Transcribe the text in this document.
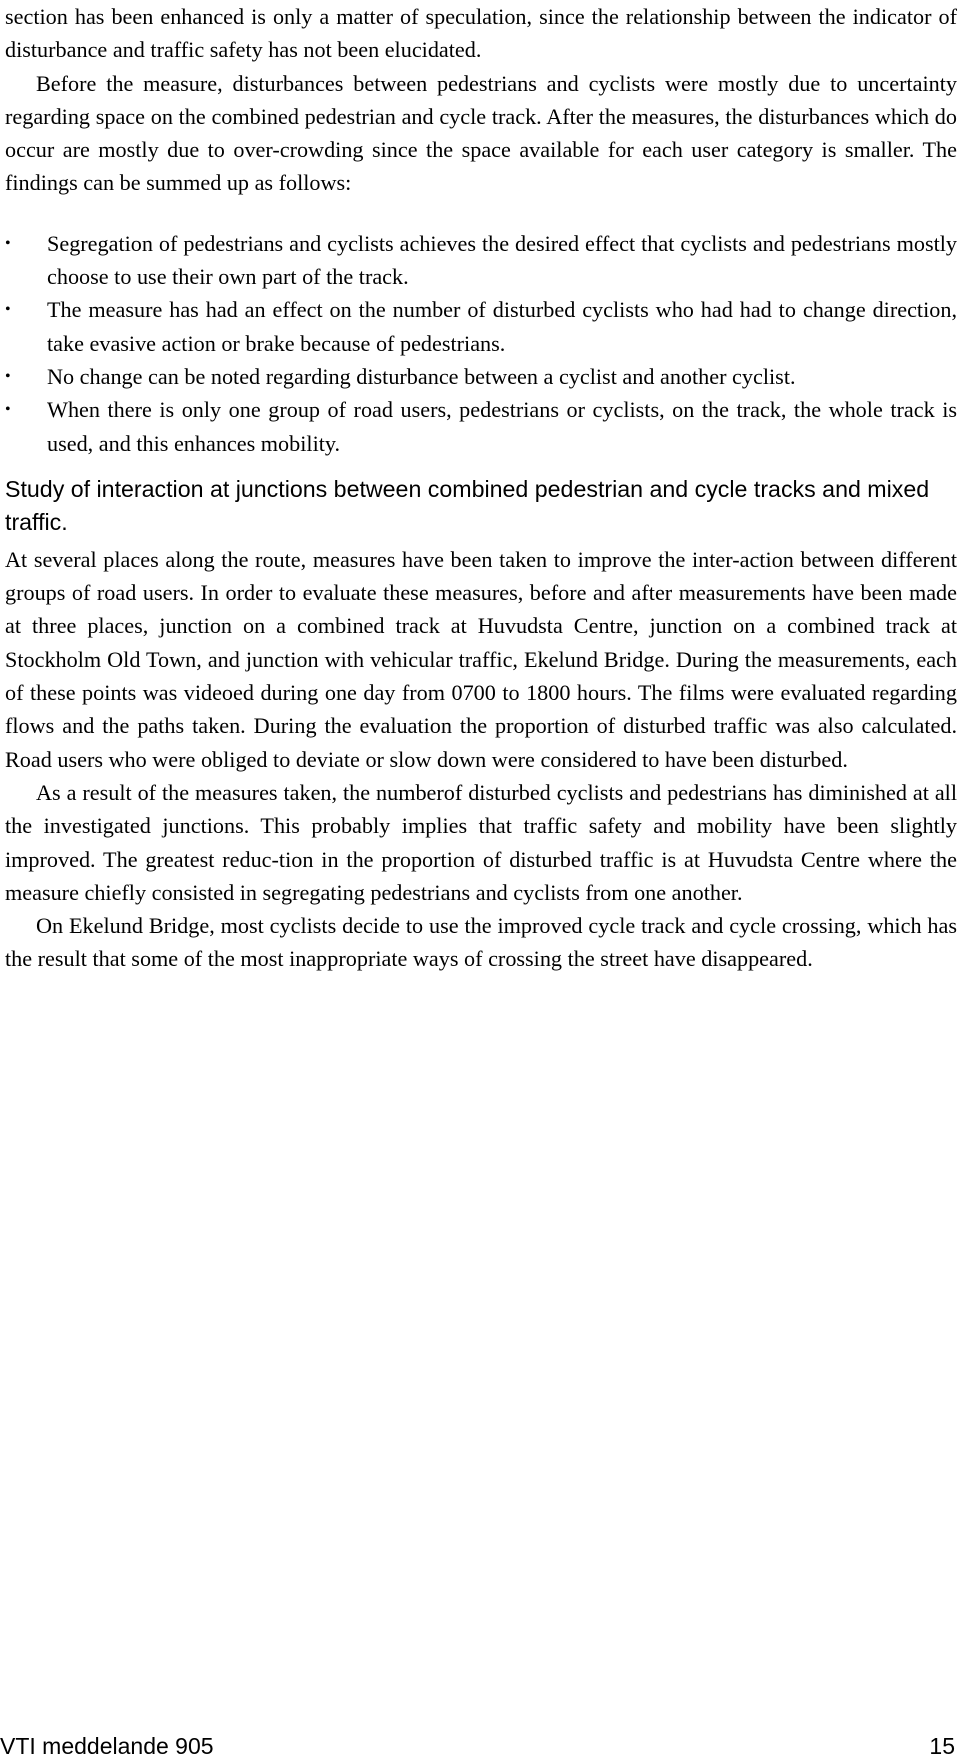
section has been enhanced is only a matter of speculation, since the relationship between the indicator of disturbance and traffic safety has not been elucidated.

Before the measure, disturbances between pedestrians and cyclists were mostly due to uncertainty regarding space on the combined pedestrian and cycle track. After the measures, the disturbances which do occur are mostly due to over-crowding since the space available for each user category is smaller. The findings can be summed up as follows:

•	Segregation of pedestrians and cyclists achieves the desired effect that cyclists and pedestrians mostly choose to use their own part of the track.
•	The measure has had an effect on the number of disturbed cyclists who had had to change direction, take evasive action or brake because of pedestrians.
•	No change can be noted regarding disturbance between a cyclist and another cyclist.
•	When there is only one group of road users, pedestrians or cyclists, on the track, the whole track is used, and this enhances mobility.
Study of interaction at junctions between combined pedestrian and cycle tracks and mixed traffic.

At several places along the route, measures have been taken to improve the inter-action between different groups of road users. In order to evaluate these measures, before and after measurements have been made at three places, junction on a combined track at Huvudsta Centre, junction on a combined track at Stockholm Old Town, and junction with vehicular traffic, Ekelund Bridge. During the measurements, each of these points was videoed during one day from 0700 to 1800 hours. The films were evaluated regarding flows and the paths taken. During the evaluation the proportion of disturbed traffic was also calculated. Road users who were obliged to deviate or slow down were considered to have been disturbed.

As a result of the measures taken, the numberof disturbed cyclists and pedestrians has diminished at all the investigated junctions. This probably implies that traffic safety and mobility have been slightly improved. The greatest reduc-tion in the proportion of disturbed traffic is at Huvudsta Centre where the measure chiefly consisted in segregating pedestrians and cyclists from one another.

On Ekelund Bridge, most cyclists decide to use the improved cycle track and cycle crossing, which has the result that some of the most inappropriate ways of crossing the street have disappeared.

VTI meddelande 905	15
